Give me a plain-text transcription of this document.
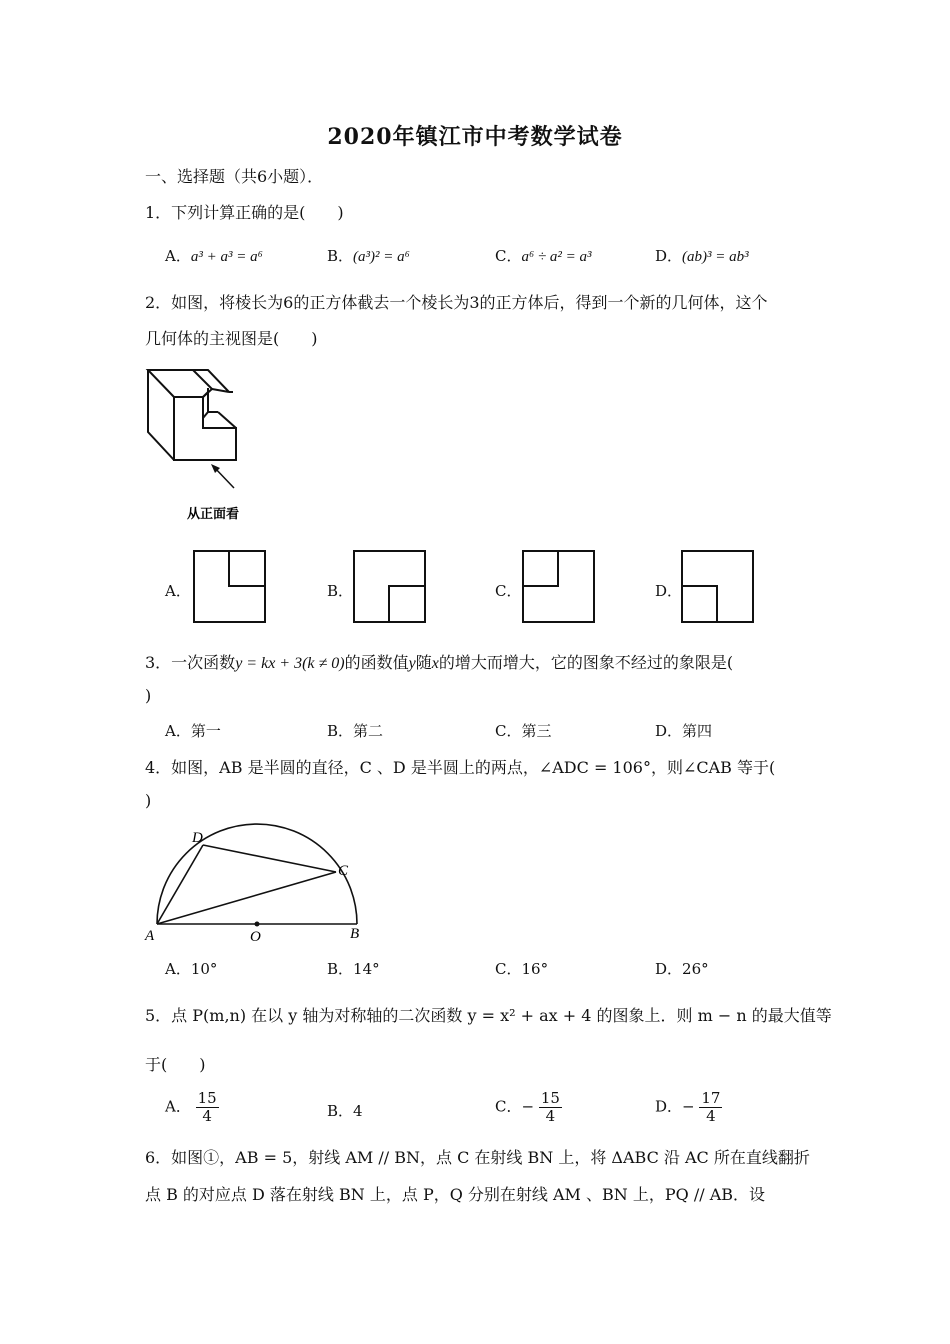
2020年镇江市中考数学试卷
一、选择题（共6小题）．
1．下列计算正确的是(　　)
A．a³ + a³ = a⁶	B．(a³)² = a⁶	C．a⁶ ÷ a² = a³	D．(ab)³ = ab³
2．如图，将棱长为6的正方体截去一个棱长为3的正方体后，得到一个新的几何体，这个
几何体的主视图是(　　)
从正面看
A．	B．	C．	D．
3．一次函数y = kx + 3(k ≠ 0)的函数值y随x的增大而增大，它的图象不经过的象限是(
)
A．第一	B．第二	C．第三	D．第四
4．如图，AB 是半圆的直径，C 、D 是半圆上的两点，∠ADC = 106°，则∠CAB 等于(
)
A	B
C
D
O
A．10°	B．14°	C．16°	D．26°
5．点 P(m,n) 在以 y 轴为对称轴的二次函数 y = x² + ax + 4 的图象上．则 m − n 的最大值等
于(　　)
A． $\frac{15}{4}$	B．4	C．− $\frac{15}{4}$	D．− $\frac{17}{4}$
6．如图①，AB = 5，射线 AM // BN，点 C 在射线 BN 上，将 ΔABC 沿 AC 所在直线翻折
点 B 的对应点 D 落在射线 BN 上，点 P，Q 分别在射线 AM 、BN 上，PQ // AB．设
